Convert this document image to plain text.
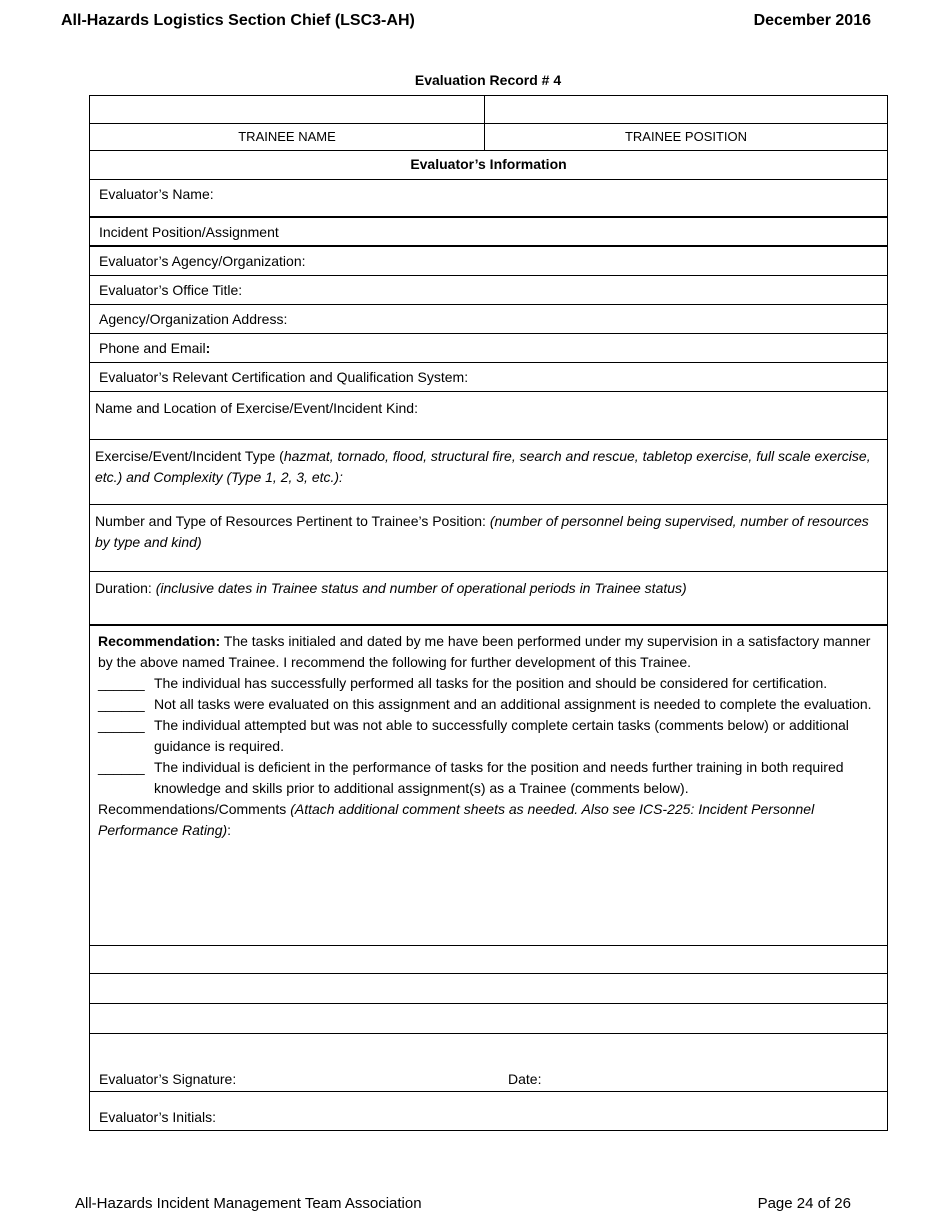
All-Hazards Logistics Section Chief (LSC3-AH)	December 2016
Evaluation Record # 4
TRAINEE NAME	TRAINEE POSITION
Evaluator’s Information
Evaluator’s Name:
Incident Position/Assignment
Evaluator’s Agency/Organization:
Evaluator’s Office Title:
Agency/Organization Address:
Phone and Email:
Evaluator’s Relevant Certification and Qualification System:
Name and Location of Exercise/Event/Incident Kind:
Exercise/Event/Incident Type (hazmat, tornado, flood, structural fire, search and rescue, tabletop exercise, full scale exercise, etc.) and Complexity (Type 1, 2, 3, etc.):
Number and Type of Resources Pertinent to Trainee’s Position: (number of personnel being supervised, number of resources by type and kind)
Duration: (inclusive dates in Trainee status and number of operational periods in Trainee status)
Recommendation: The tasks initialed and dated by me have been performed under my supervision in a satisfactory manner by the above named Trainee. I recommend the following for further development of this Trainee.
______ The individual has successfully performed all tasks for the position and should be considered for certification.
______ Not all tasks were evaluated on this assignment and an additional assignment is needed to complete the evaluation.
______ The individual attempted but was not able to successfully complete certain tasks (comments below) or additional guidance is required.
______ The individual is deficient in the performance of tasks for the position and needs further training in both required knowledge and skills prior to additional assignment(s) as a Trainee (comments below).
Recommendations/Comments (Attach additional comment sheets as needed. Also see ICS-225: Incident Personnel Performance Rating):
Evaluator’s Signature:	Date:
Evaluator’s Initials:
All-Hazards Incident Management Team Association	Page 24 of 26
